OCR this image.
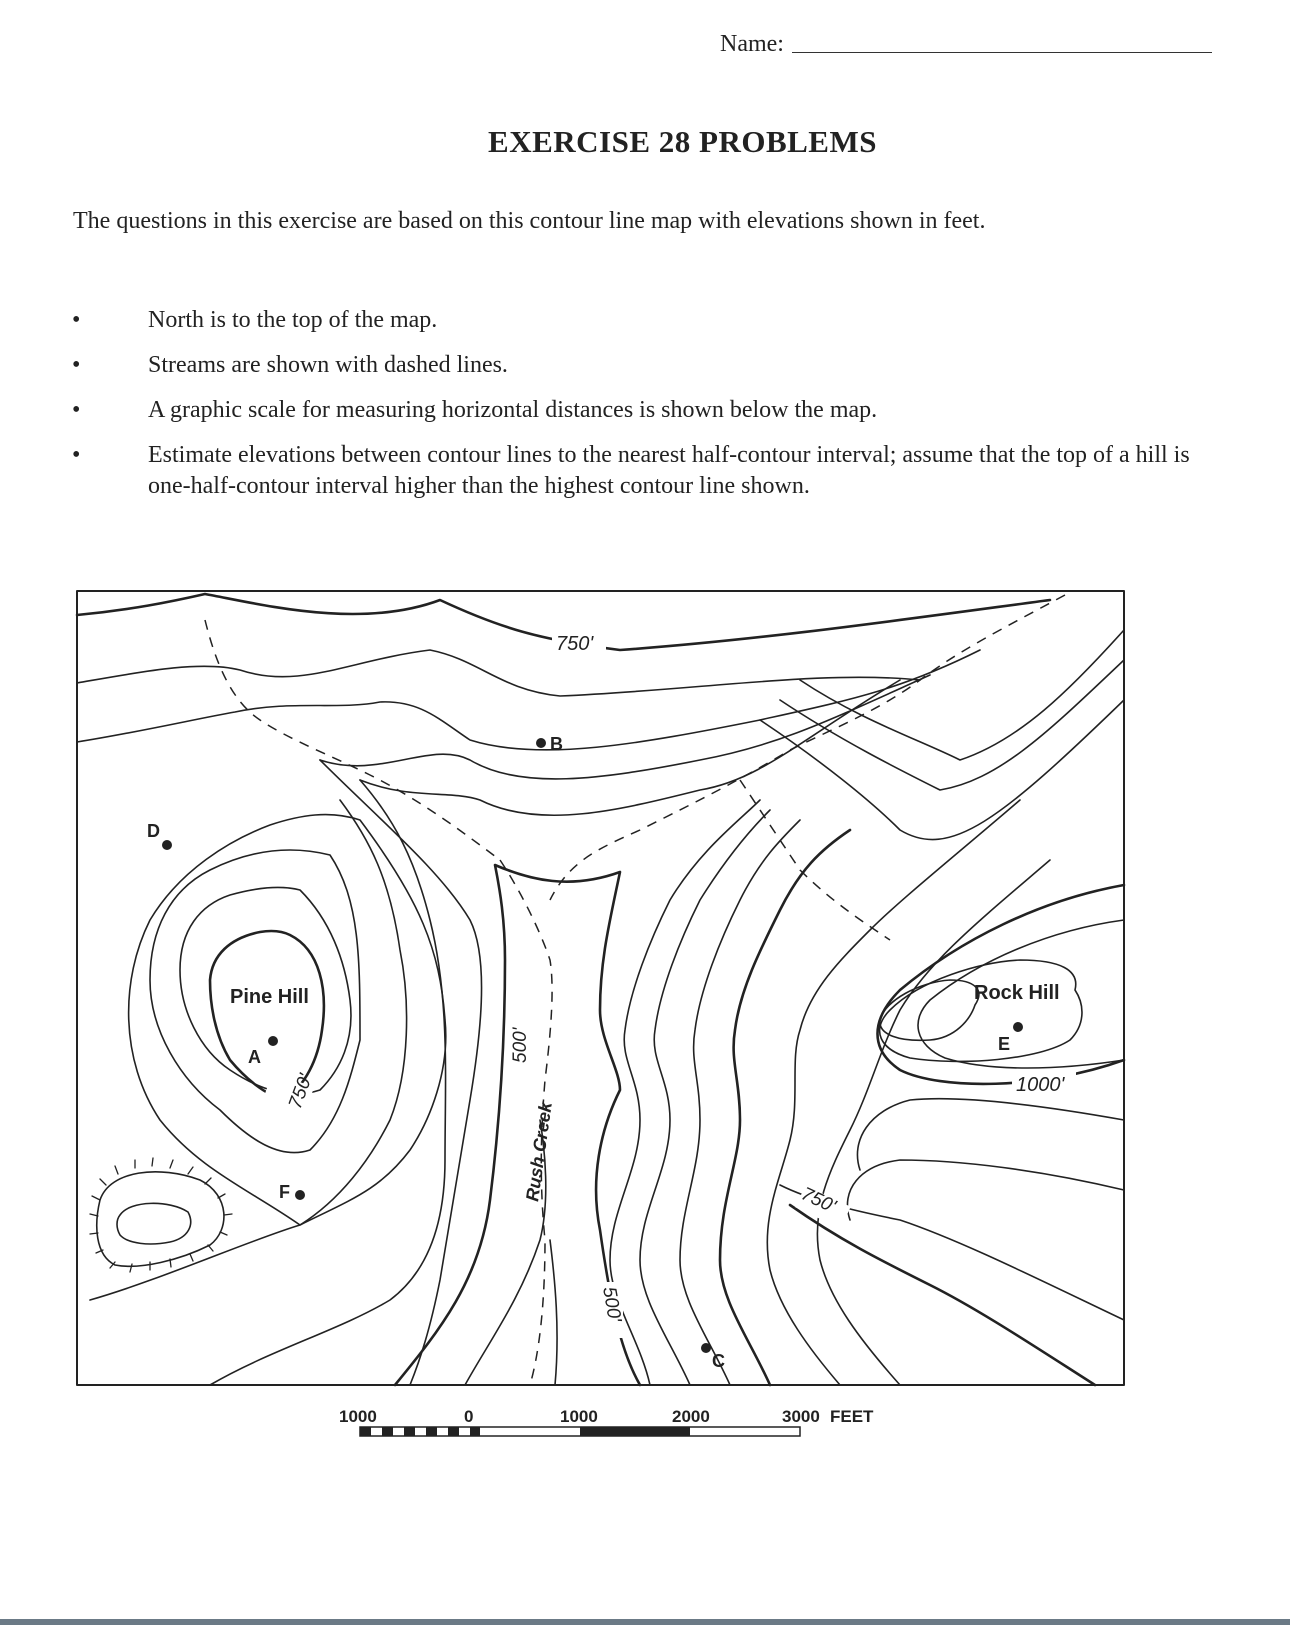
Name:
EXERCISE 28 PROBLEMS
The questions in this exercise are based on this contour line map with elevations shown in feet.
•	North is to the top of the map.
•	Streams are shown with dashed lines.
•	A graphic scale for measuring horizontal distances is shown below the map.
•	Estimate elevations between contour lines to the nearest half-contour interval; assume that the top of a hill is one-half-contour interval higher than the highest contour line shown.
Pine Hill	Rock Hill
Rush Creek
A
B
C
D
E
F
750'
750'
500'
500'
750'
1000'
1000	0	1000	2000	3000 FEET
